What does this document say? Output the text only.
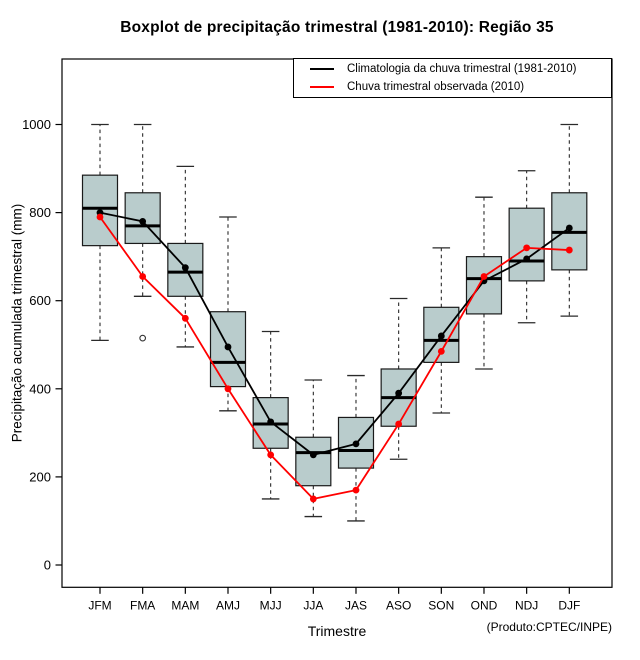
Boxplot de precipitação trimestral (1981-2010): Região 35
Precipitação acumulada trimestral (mm)
0
200
400
600
800
1000
JFM FMA MAM AMJ MJJ JJA JAS ASO SON OND NDJ DJF
Climatologia da chuva trimestral (1981-2010)
Chuva trimestral observada (2010)
Trimestre	(Produto:CPTEC/INPE)
